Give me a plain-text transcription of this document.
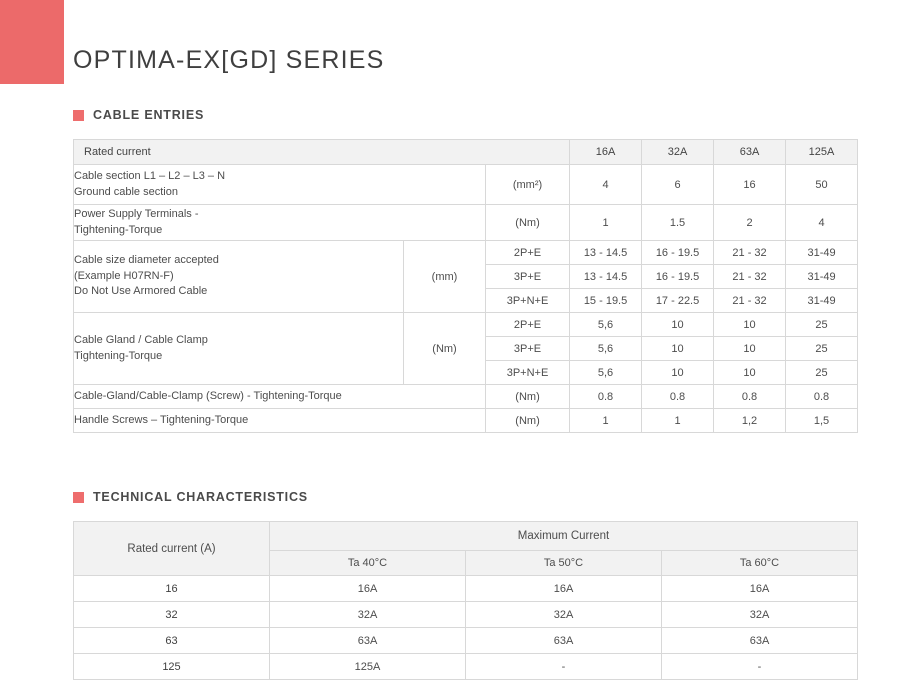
OPTIMA-EX[GD] SERIES
CABLE ENTRIES
Rated current			16A	32A	63A	125A

Cable section L1 – L2 – L3 – N
Ground cable section		(mm²)	4	6	16	50

Power Supply Terminals -
Tightening-Torque		(Nm)	1	1.5	2	4

Cable size diameter accepted
(Example H07RN-F)
Do Not Use Armored Cable	(mm)	2P+E	13 - 14.5	16 - 19.5	21 - 32	31-49
		3P+E	13 - 14.5	16 - 19.5	21 - 32	31-49
		3P+N+E	15 - 19.5	17 - 22.5	21 - 32	31-49

Cable Gland / Cable Clamp
Tightening-Torque	(Nm)	2P+E	5,6	10	10	25
		3P+E	5,6	10	10	25
		3P+N+E	5,6	10	10	25
Cable-Gland/Cable-Clamp (Screw) - Tightening-Torque		(Nm)	0.8	0.8	0.8	0.8
Handle Screws – Tightening-Torque		(Nm)	1	1	1,2	1,5
TECHNICAL CHARACTERISTICS
Rated current (A)	Maximum Current		
	Ta 40°C	Ta 50°C	Ta 60°C
16	16A	16A	16A
32	32A	32A	32A
63	63A	63A	63A
125	125A	-	-
